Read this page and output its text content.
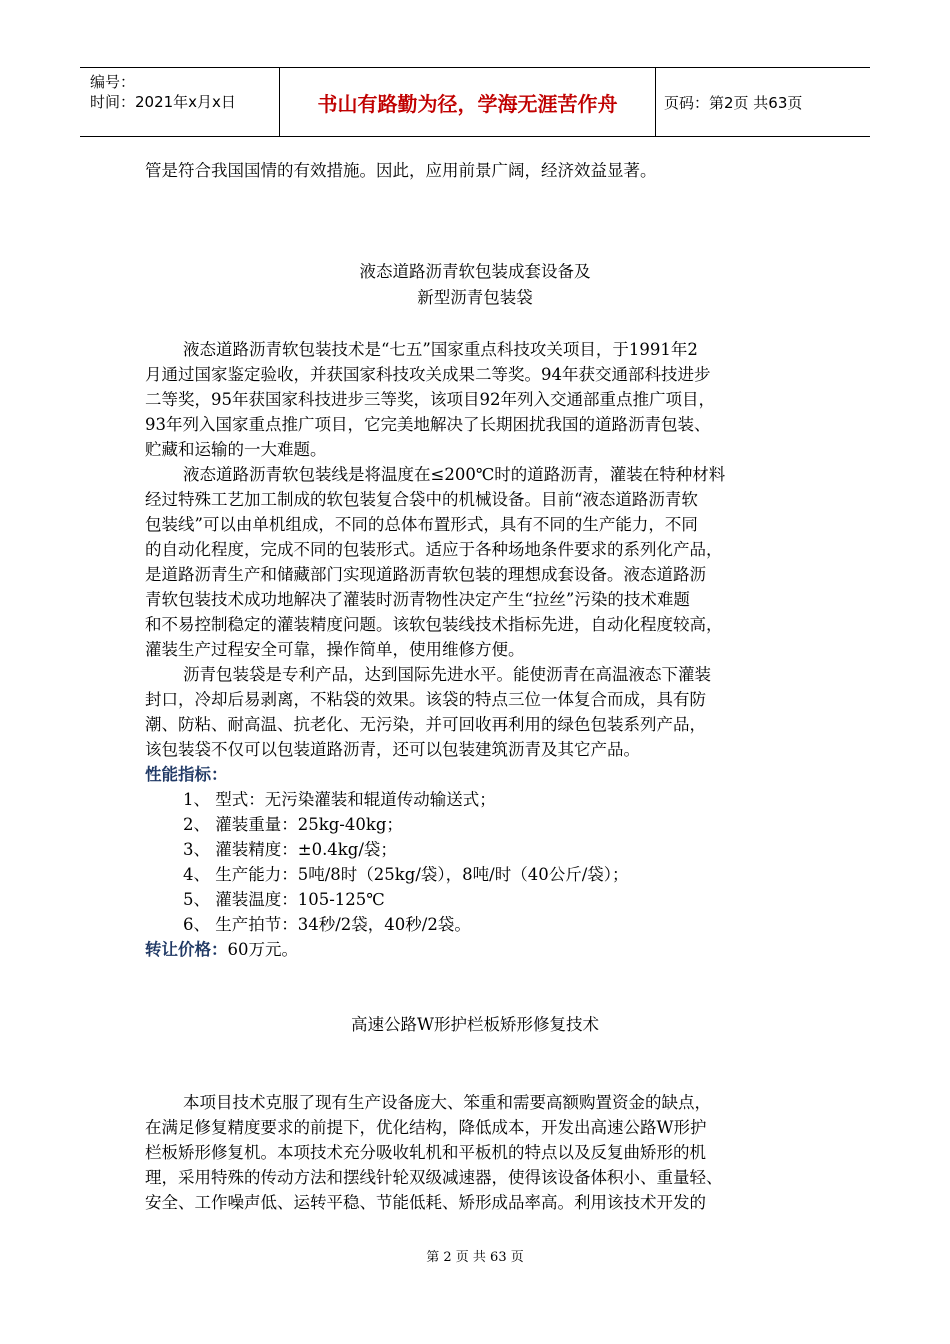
编号：
时间：2021年x月x日	书山有路勤为径，学海无涯苦作舟	页码：第2页 共63页
管是符合我国国情的有效措施。因此，应用前景广阔，经济效益显著。
液态道路沥青软包装成套设备及
新型沥青包装袋
液态道路沥青软包装技术是“七五”国家重点科技攻关项目，于1991年2
月通过国家鉴定验收，并获国家科技攻关成果二等奖。94年获交通部科技进步
二等奖，95年获国家科技进步三等奖，该项目92年列入交通部重点推广项目，
93年列入国家重点推广项目，它完美地解决了长期困扰我国的道路沥青包装、
贮藏和运输的一大难题。
液态道路沥青软包装线是将温度在≤200℃时的道路沥青，灌装在特种材料
经过特殊工艺加工制成的软包装复合袋中的机械设备。目前“液态道路沥青软
包装线”可以由单机组成，不同的总体布置形式，具有不同的生产能力，不同
的自动化程度，完成不同的包装形式。适应于各种场地条件要求的系列化产品，
是道路沥青生产和储藏部门实现道路沥青软包装的理想成套设备。液态道路沥
青软包装技术成功地解决了灌装时沥青物性决定产生“拉丝”污染的技术难题
和不易控制稳定的灌装精度问题。该软包装线技术指标先进，自动化程度较高，
灌装生产过程安全可靠，操作简单，使用维修方便。
沥青包装袋是专利产品，达到国际先进水平。能使沥青在高温液态下灌装
封口，冷却后易剥离，不粘袋的效果。该袋的特点三位一体复合而成，具有防
潮、防粘、耐高温、抗老化、无污染，并可回收再利用的绿色包装系列产品，
该包装袋不仅可以包装道路沥青，还可以包装建筑沥青及其它产品。
性能指标：
1、 型式：无污染灌装和辊道传动输送式；
2、 灌装重量：25kg-40kg；
3、 灌装精度：±0.4kg/袋；
4、 生产能力：5吨/8时（25kg/袋），8吨/时（40公斤/袋）；
5、 灌装温度：105-125℃
6、 生产拍节：34秒/2袋，40秒/2袋。
转让价格：60万元。
高速公路W形护栏板矫形修复技术
本项目技术克服了现有生产设备庞大、笨重和需要高额购置资金的缺点，
在满足修复精度要求的前提下，优化结构，降低成本，开发出高速公路W形护
栏板矫形修复机。本项技术充分吸收轧机和平板机的特点以及反复曲矫形的机
理，采用特殊的传动方法和摆线针轮双级减速器，使得该设备体积小、重量轻、
安全、工作噪声低、运转平稳、节能低耗、矫形成品率高。利用该技术开发的
第 2 页 共 63 页
